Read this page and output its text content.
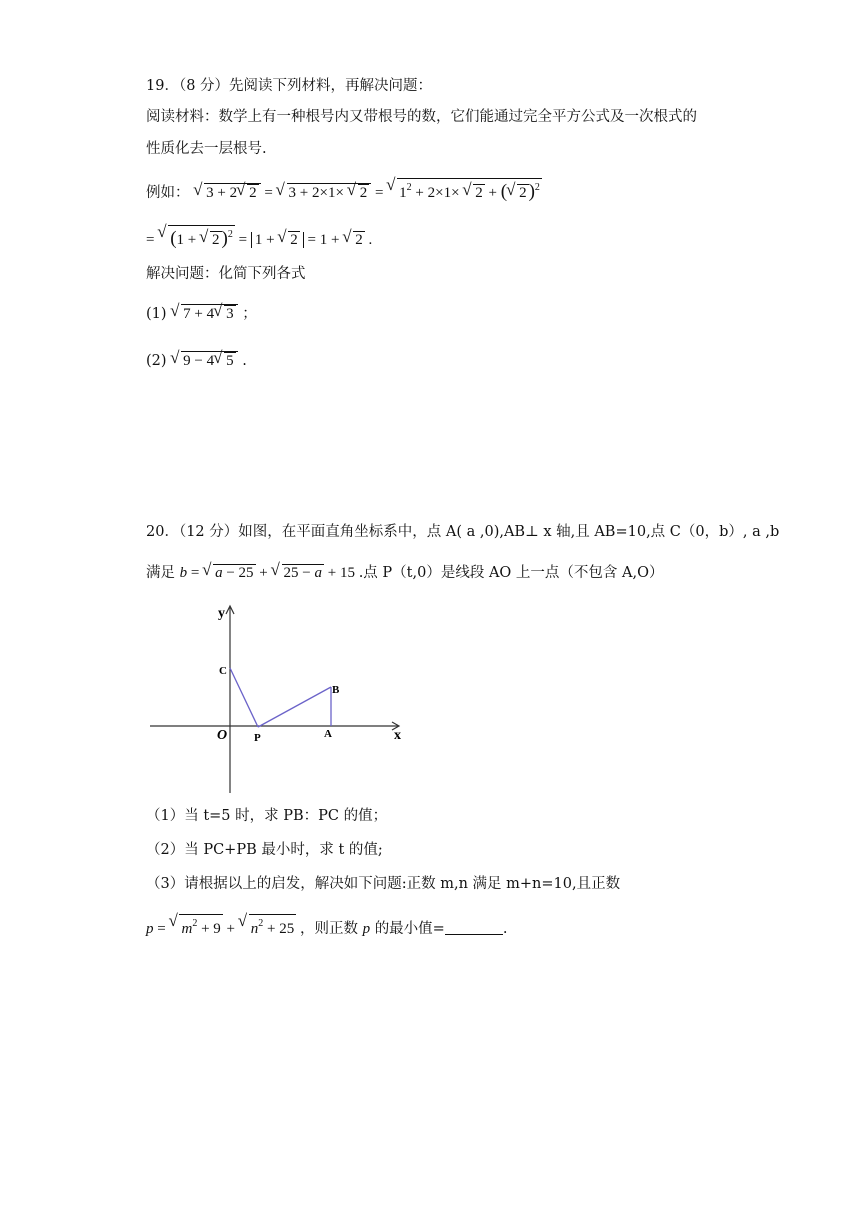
19．（8 分）先阅读下列材料，再解决问题：
阅读材料：数学上有一种根号内又带根号的数，它们能通过完全平方公式及一次根式的
性质化去一层根号.
例如： √ 3 + 2 √ 2 = √ 3 + 2×1× √ 2 = √ $1^2 + 2\times 1\times$ √ 2 + ( √ 2 )$^2$
= √ (1 + √ 2 )$^2$ = 1 + √ 2 = 1 + √ 2 .
解决问题：化简下列各式
(1) √ 7 + 4 √ 3 ；
(2) √ 9 − 4 √ 5 .
20．（12 分）如图，在平面直角坐标系中，点 A( a ,0),AB⊥ x 轴,且 AB=10,点 C（0，b）, a ,b
满足 b = √ a − 25 + √ 25 − a + 15 .点 P（t,0）是线段 AO 上一点（不包含 A,O）
y
x
O
C
B
P	A
（1）当 t=5 时，求 PB：PC 的值；
（2）当 PC+PB 最小时，求 t 的值;
（3）请根据以上的启发，解决如下问题:正数 m,n 满足 m+n=10,且正数
p = √ $m^2 + 9$ + √ $n^2 + 25$ ，则正数 p 的最小值=	.
